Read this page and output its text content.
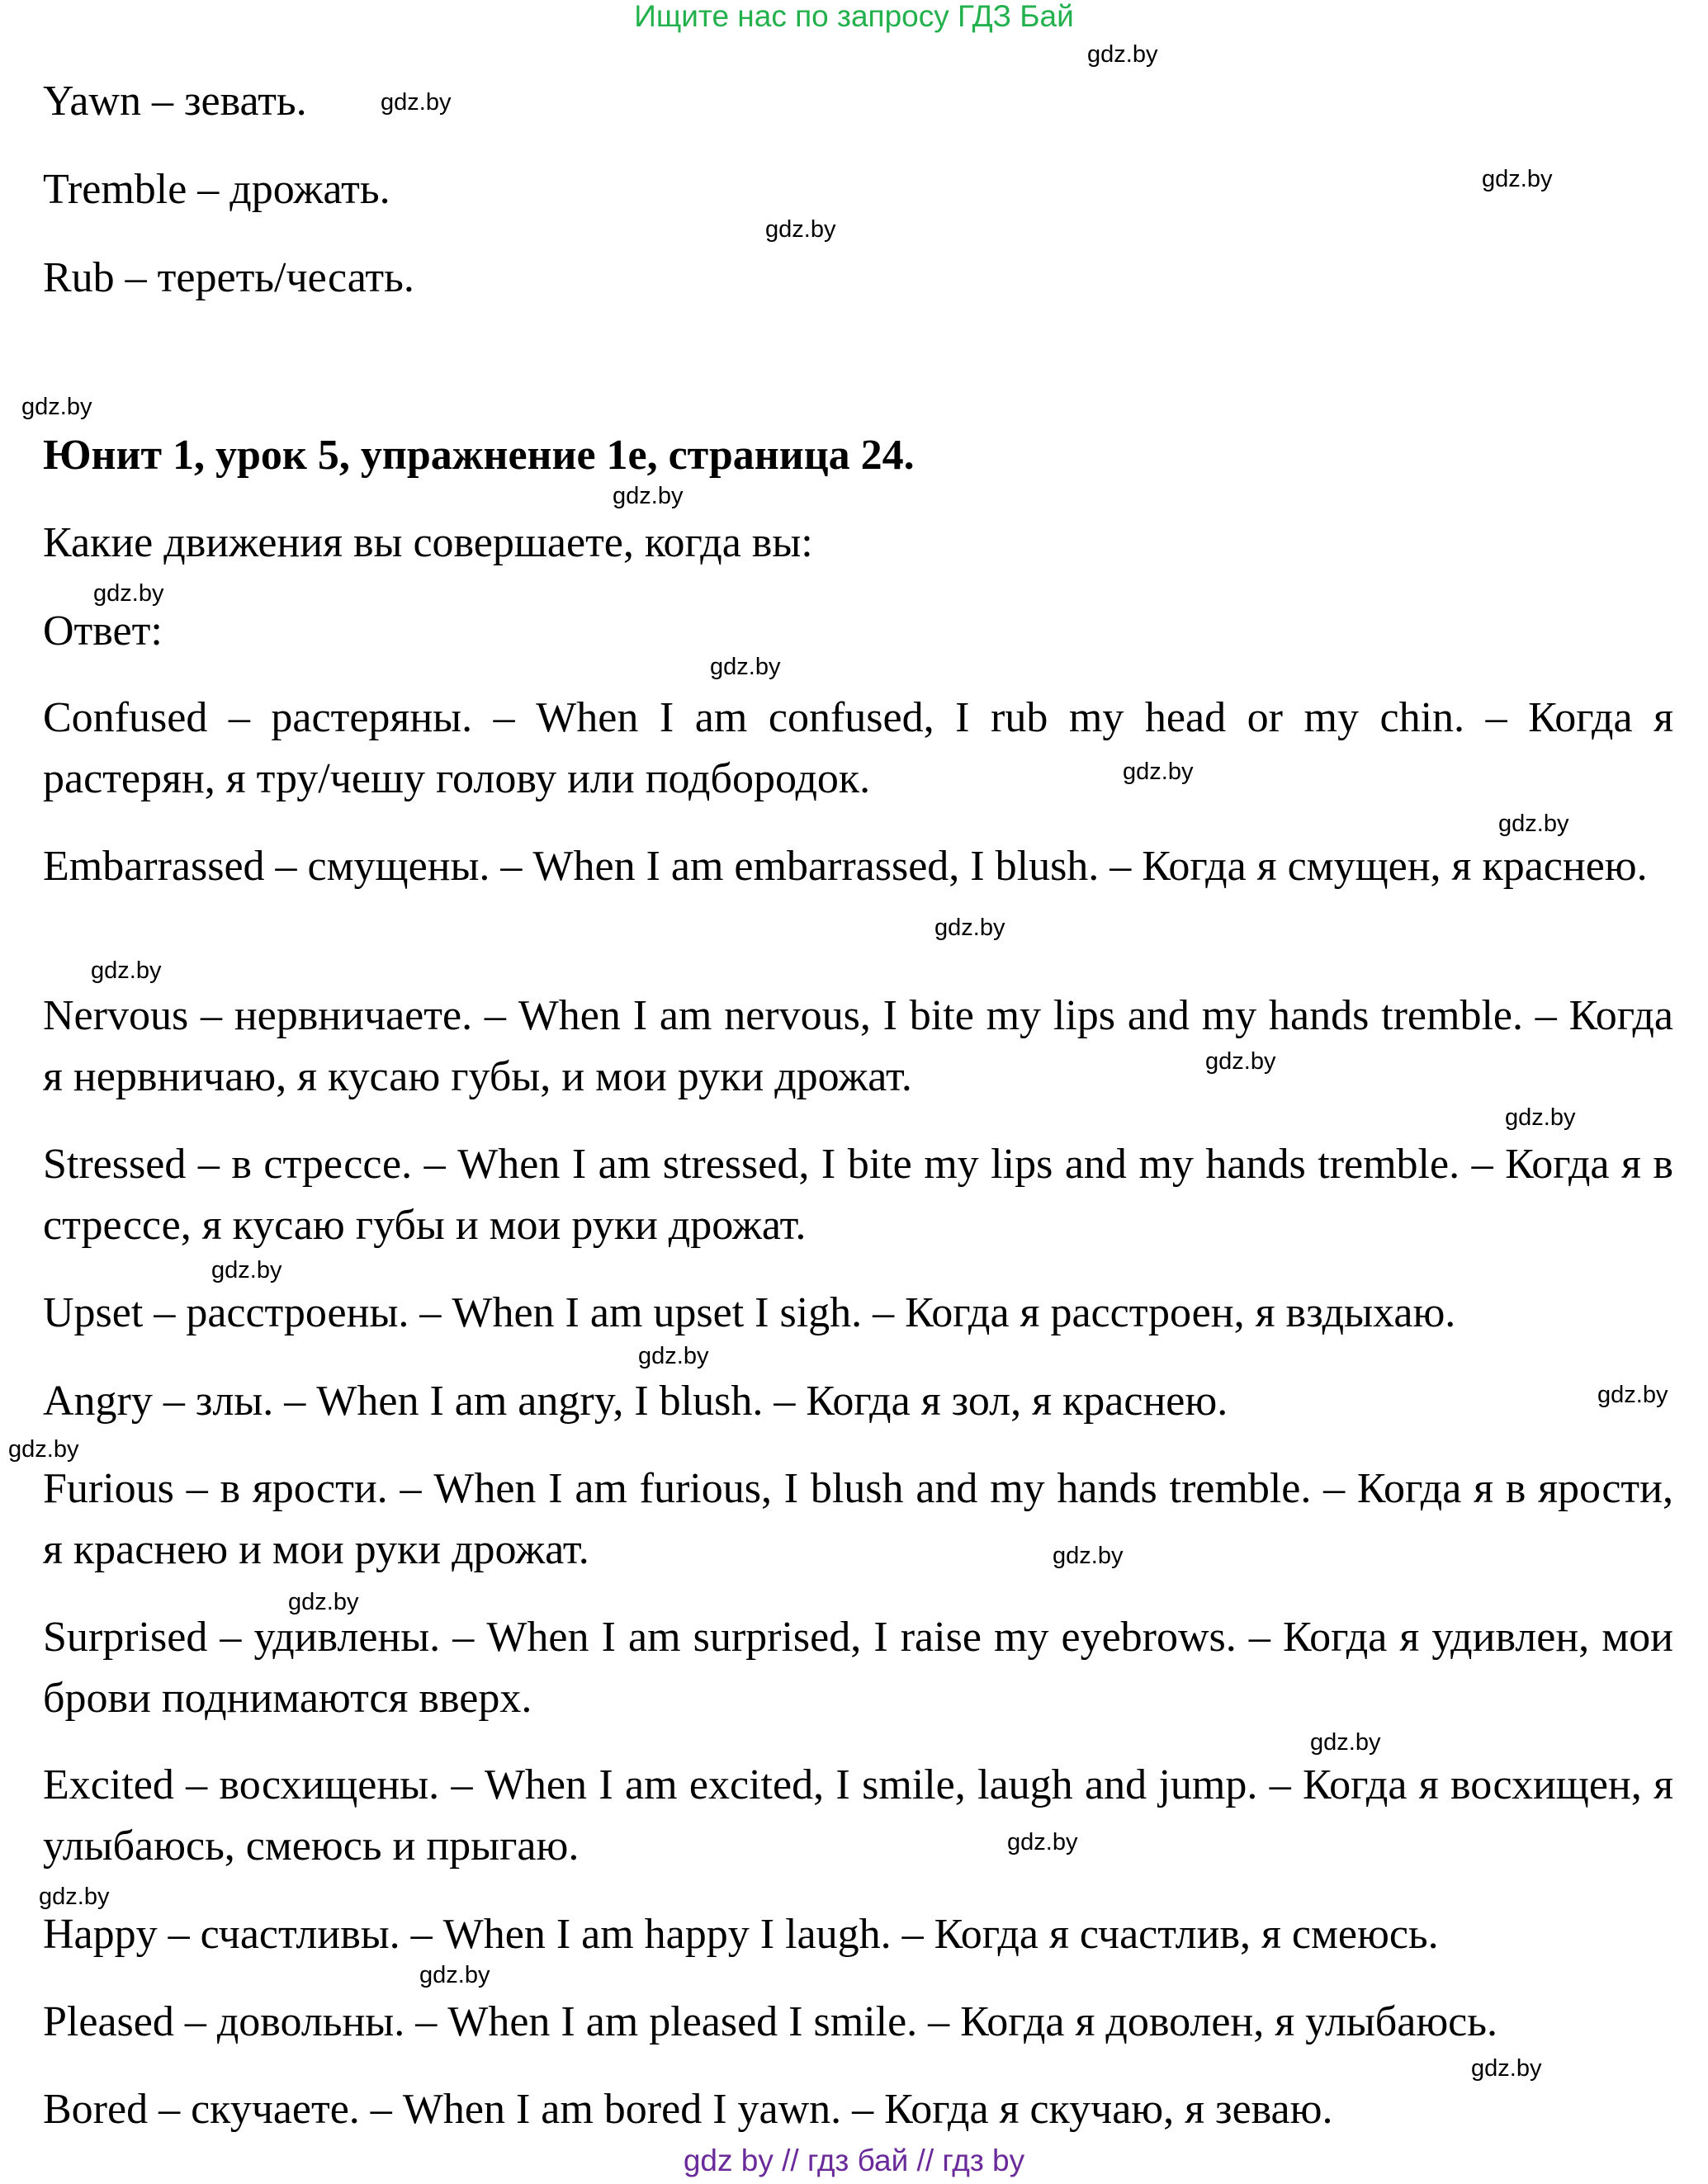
Ищите нас по запросу ГДЗ Бай
Yawn – зевать.
Tremble – дрожать.
Rub – тереть/чесать.
Юнит 1, урок 5, упражнение 1е, страница 24.
Какие движения вы совершаете, когда вы:
Ответ:
Confused – растеряны. – When I am confused, I rub my head or my chin. – Когда я растерян, я тру/чешу голову или подбородок.
Embarrassed – смущены. – When I am embarrassed, I blush. – Когда я смущен, я краснею.
Nervous – нервничаете. – When I am nervous, I bite my lips and my hands tremble. – Когда я нервничаю, я кусаю губы, и мои руки дрожат.
Stressed – в стрессе. – When I am stressed, I bite my lips and my hands tremble. – Когда я в стрессе, я кусаю губы и мои руки дрожат.
Upset – расстроены. – When I am upset I sigh. – Когда я расстроен, я вздыхаю.
Angry – злы. – When I am angry, I blush. – Когда я зол, я краснею.
Furious – в ярости. – When I am furious, I blush and my hands tremble. – Когда я в ярости, я краснею и мои руки дрожат.
Surprised – удивлены. – When I am surprised, I raise my eyebrows. – Когда я удивлен, мои брови поднимаются вверх.
Excited – восхищены. – When I am excited, I smile, laugh and jump. – Когда я восхищен, я улыбаюсь, смеюсь и прыгаю.
Happy – счастливы. – When I am happy I laugh. – Когда я счастлив, я смеюсь.
Pleased – довольны. – When I am pleased I smile. – Когда я доволен, я улыбаюсь.
Bored – скучаете. – When I am bored I yawn. – Когда я скучаю, я зеваю.
gdz.by
gdz.by
gdz.by
gdz.by
gdz.by
gdz.by
gdz.by
gdz.by
gdz.by
gdz.by
gdz.by
gdz.by
gdz.by
gdz.by
gdz.by
gdz.by
gdz.by
gdz.by
gdz.by
gdz.by
gdz.by
gdz.by
gdz.by
gdz.by
gdz.by
gdz by // гдз бай // гдз by
